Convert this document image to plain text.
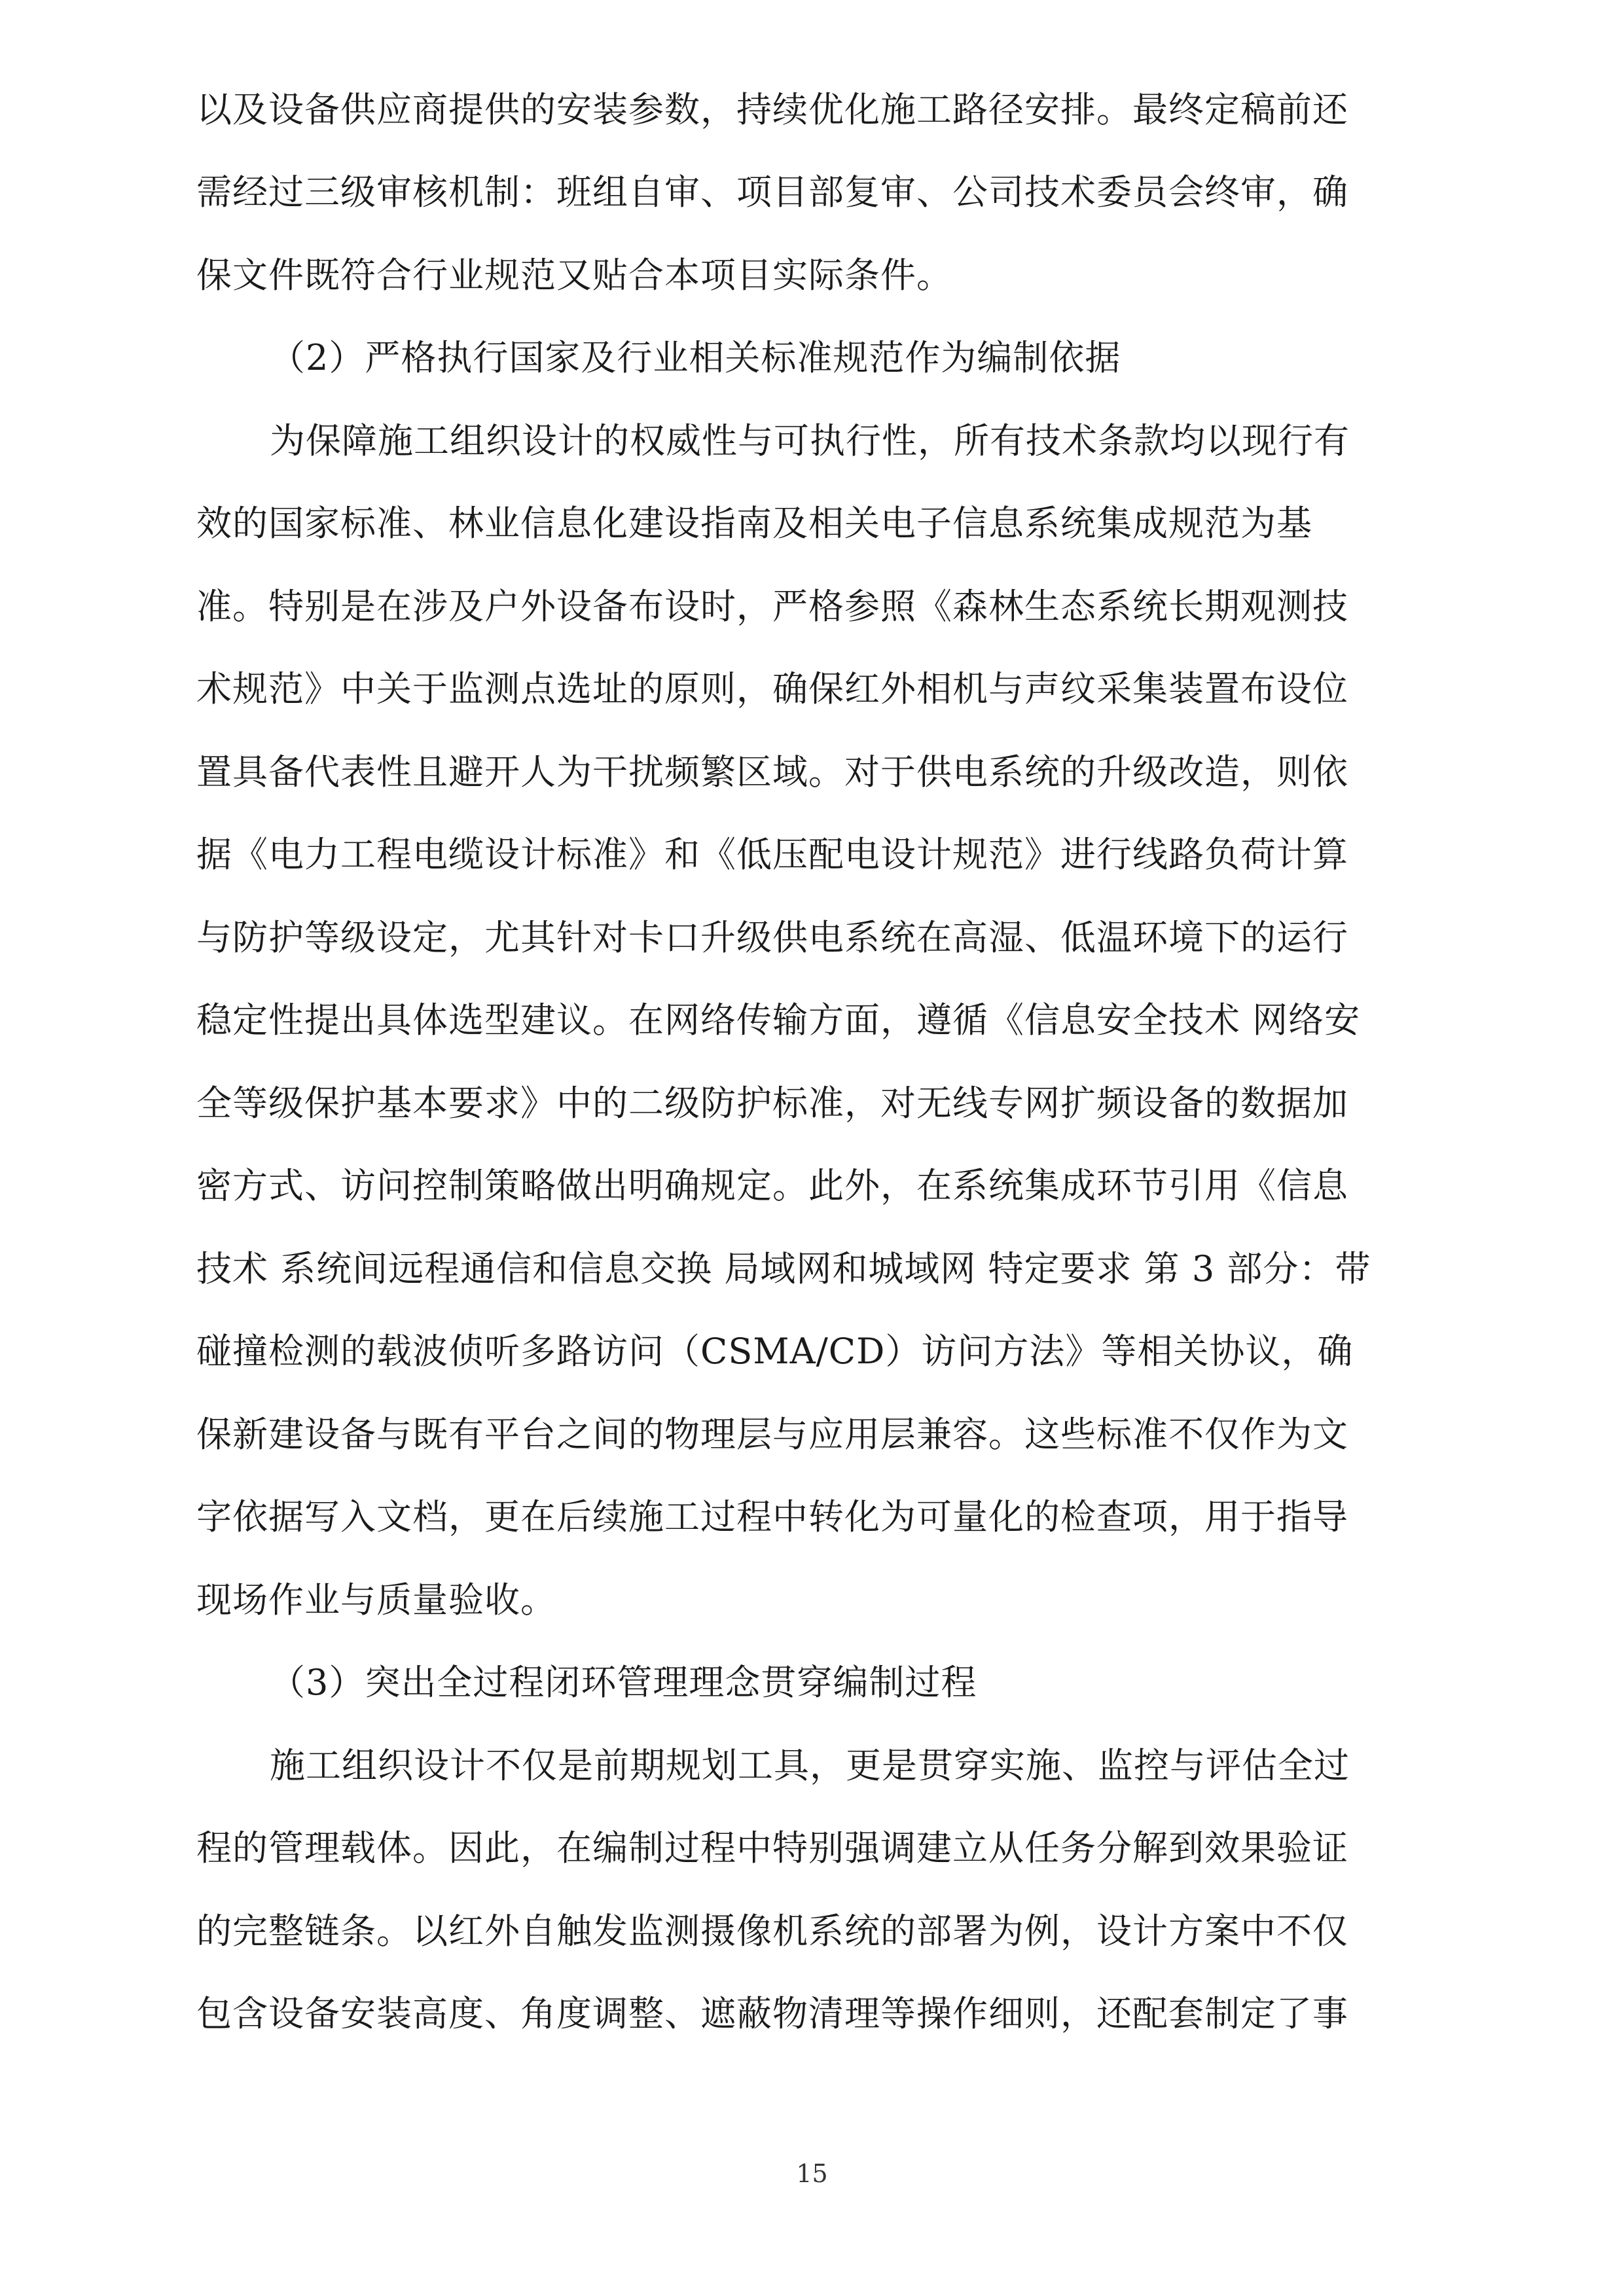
以及设备供应商提供的安装参数，持续优化施工路径安排。最终定稿前还
需经过三级审核机制：班组自审、项目部复审、公司技术委员会终审，确
保文件既符合行业规范又贴合本项目实际条件。
（2）严格执行国家及行业相关标准规范作为编制依据
为保障施工组织设计的权威性与可执行性，所有技术条款均以现行有
效的国家标准、林业信息化建设指南及相关电子信息系统集成规范为基
准。特别是在涉及户外设备布设时，严格参照《森林生态系统长期观测技
术规范》中关于监测点选址的原则，确保红外相机与声纹采集装置布设位
置具备代表性且避开人为干扰频繁区域。对于供电系统的升级改造，则依
据《电力工程电缆设计标准》和《低压配电设计规范》进行线路负荷计算
与防护等级设定，尤其针对卡口升级供电系统在高湿、低温环境下的运行
稳定性提出具体选型建议。在网络传输方面，遵循《信息安全技术 网络安
全等级保护基本要求》中的二级防护标准，对无线专网扩频设备的数据加
密方式、访问控制策略做出明确规定。此外，在系统集成环节引用《信息
技术 系统间远程通信和信息交换 局域网和城域网 特定要求 第 3 部分：带
碰撞检测的载波侦听多路访问（CSMA/CD）访问方法》等相关协议，确
保新建设备与既有平台之间的物理层与应用层兼容。这些标准不仅作为文
字依据写入文档，更在后续施工过程中转化为可量化的检查项，用于指导
现场作业与质量验收。
（3）突出全过程闭环管理理念贯穿编制过程
施工组织设计不仅是前期规划工具，更是贯穿实施、监控与评估全过
程的管理载体。因此，在编制过程中特别强调建立从任务分解到效果验证
的完整链条。以红外自触发监测摄像机系统的部署为例，设计方案中不仅
包含设备安装高度、角度调整、遮蔽物清理等操作细则，还配套制定了事
15
